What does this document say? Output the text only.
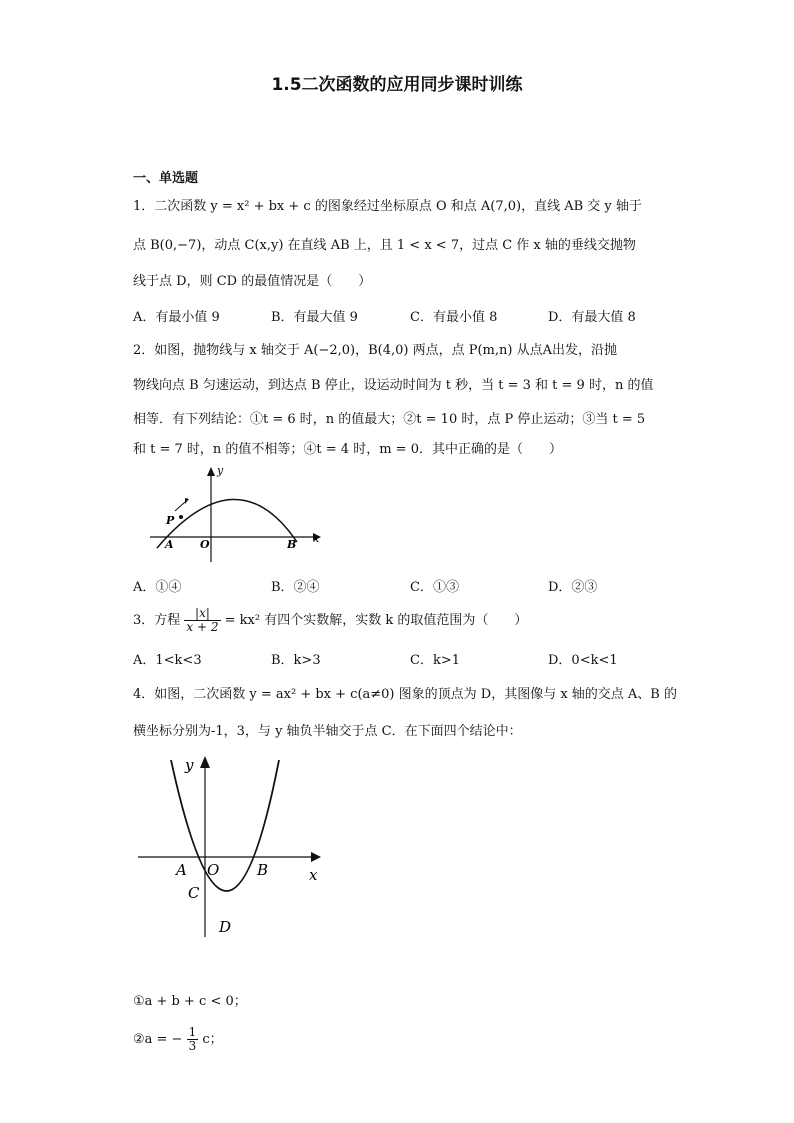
1.5二次函数的应用同步课时训练
一、单选题
1．二次函数 y = x² + bx + c 的图象经过坐标原点 O 和点 A(7,0)，直线 AB 交 y 轴于
点 B(0,−7)，动点 C(x,y) 在直线 AB 上，且 1 < x < 7，过点 C 作 x 轴的垂线交抛物
线于点 D，则 CD 的最值情况是（　　）
A．有最小值 9	B．有最大值 9	C．有最小值 8	D．有最大值 8
2．如图，抛物线与 x 轴交于 A(−2,0)，B(4,0) 两点，点 P(m,n) 从点A出发，沿抛
物线向点 B 匀速运动，到达点 B 停止，设运动时间为 t 秒，当 t = 3 和 t = 9 时，n 的值
相等．有下列结论：①t = 6 时，n 的值最大；②t = 10 时，点 P 停止运动；③当 t = 5
和 t = 7 时，n 的值不相等；④t = 4 时，m = 0．其中正确的是（　　）
y
x
P
A O	B
A．①④	B．②④	C．①③	D．②③
3．方程 $\frac{|x|}{x + 2} = kx^2$ 有四个实数解，实数 k 的取值范围为（　　）
A．1<k<3	B．k>3	C．k>1	D．0<k<1
4．如图，二次函数 y = ax² + bx + c(a≠0) 图象的顶点为 D，其图像与 x 轴的交点 A、B 的
横坐标分别为-1，3，与 y 轴负半轴交于点 C．在下面四个结论中：
y
x
A O	B
C
D
①a + b + c < 0；
②a = − $\frac{1}{3}$ c；
